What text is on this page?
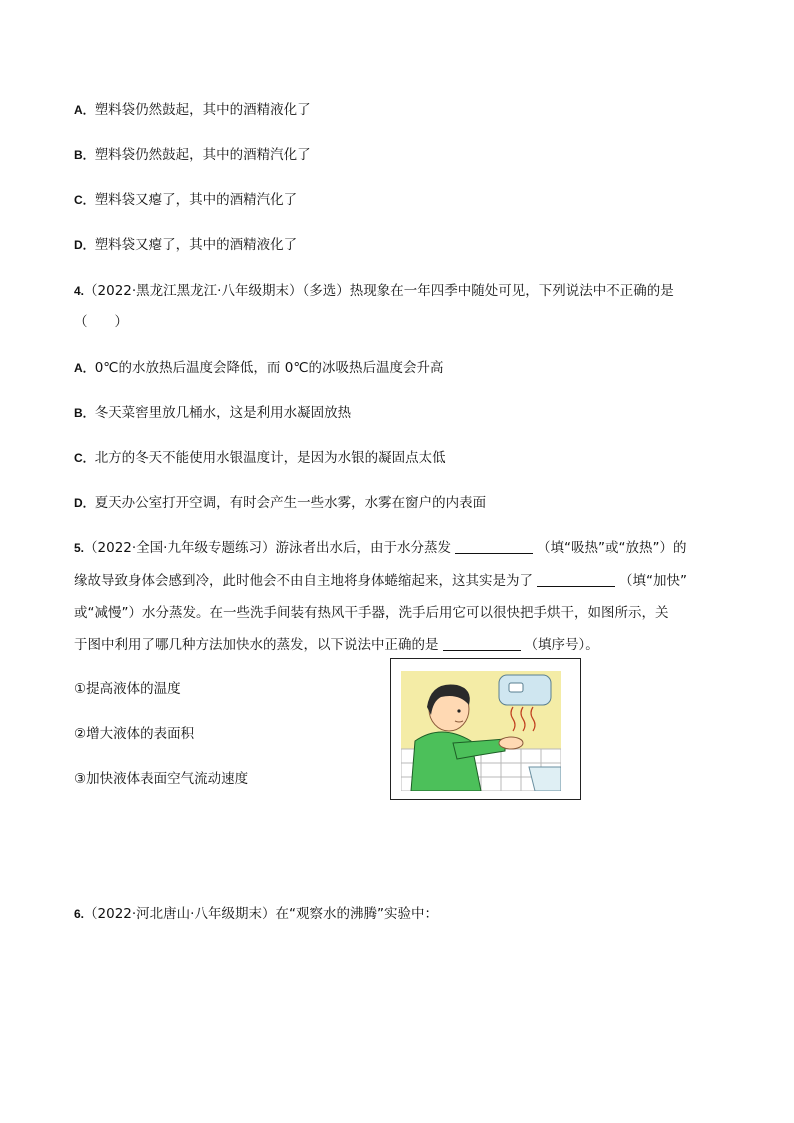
A．塑料袋仍然鼓起，其中的酒精液化了
B．塑料袋仍然鼓起，其中的酒精汽化了
C．塑料袋又瘪了，其中的酒精汽化了
D．塑料袋又瘪了，其中的酒精液化了
4.（2022·黑龙江黑龙江·八年级期末）（多选）热现象在一年四季中随处可见，下列说法中不正确的是
（　　）
A．0℃的水放热后温度会降低，而 0℃的冰吸热后温度会升高
B．冬天菜窖里放几桶水，这是利用水凝固放热
C．北方的冬天不能使用水银温度计，是因为水银的凝固点太低
D．夏天办公室打开空调，有时会产生一些水雾，水雾在窗户的内表面
5.（2022·全国·九年级专题练习）游泳者出水后，由于水分蒸发	（填“吸热”或“放热”）的
缘故导致身体会感到冷，此时他会不由自主地将身体蜷缩起来，这其实是为了	（填“加快”
或“减慢”）水分蒸发。在一些洗手间装有热风干手器，洗手后用它可以很快把手烘干，如图所示，关
于图中利用了哪几种方法加快水的蒸发，以下说法中正确的是	（填序号）。
①提高液体的温度
②增大液体的表面积
③加快液体表面空气流动速度
6.（2022·河北唐山·八年级期末）在“观察水的沸腾”实验中：
